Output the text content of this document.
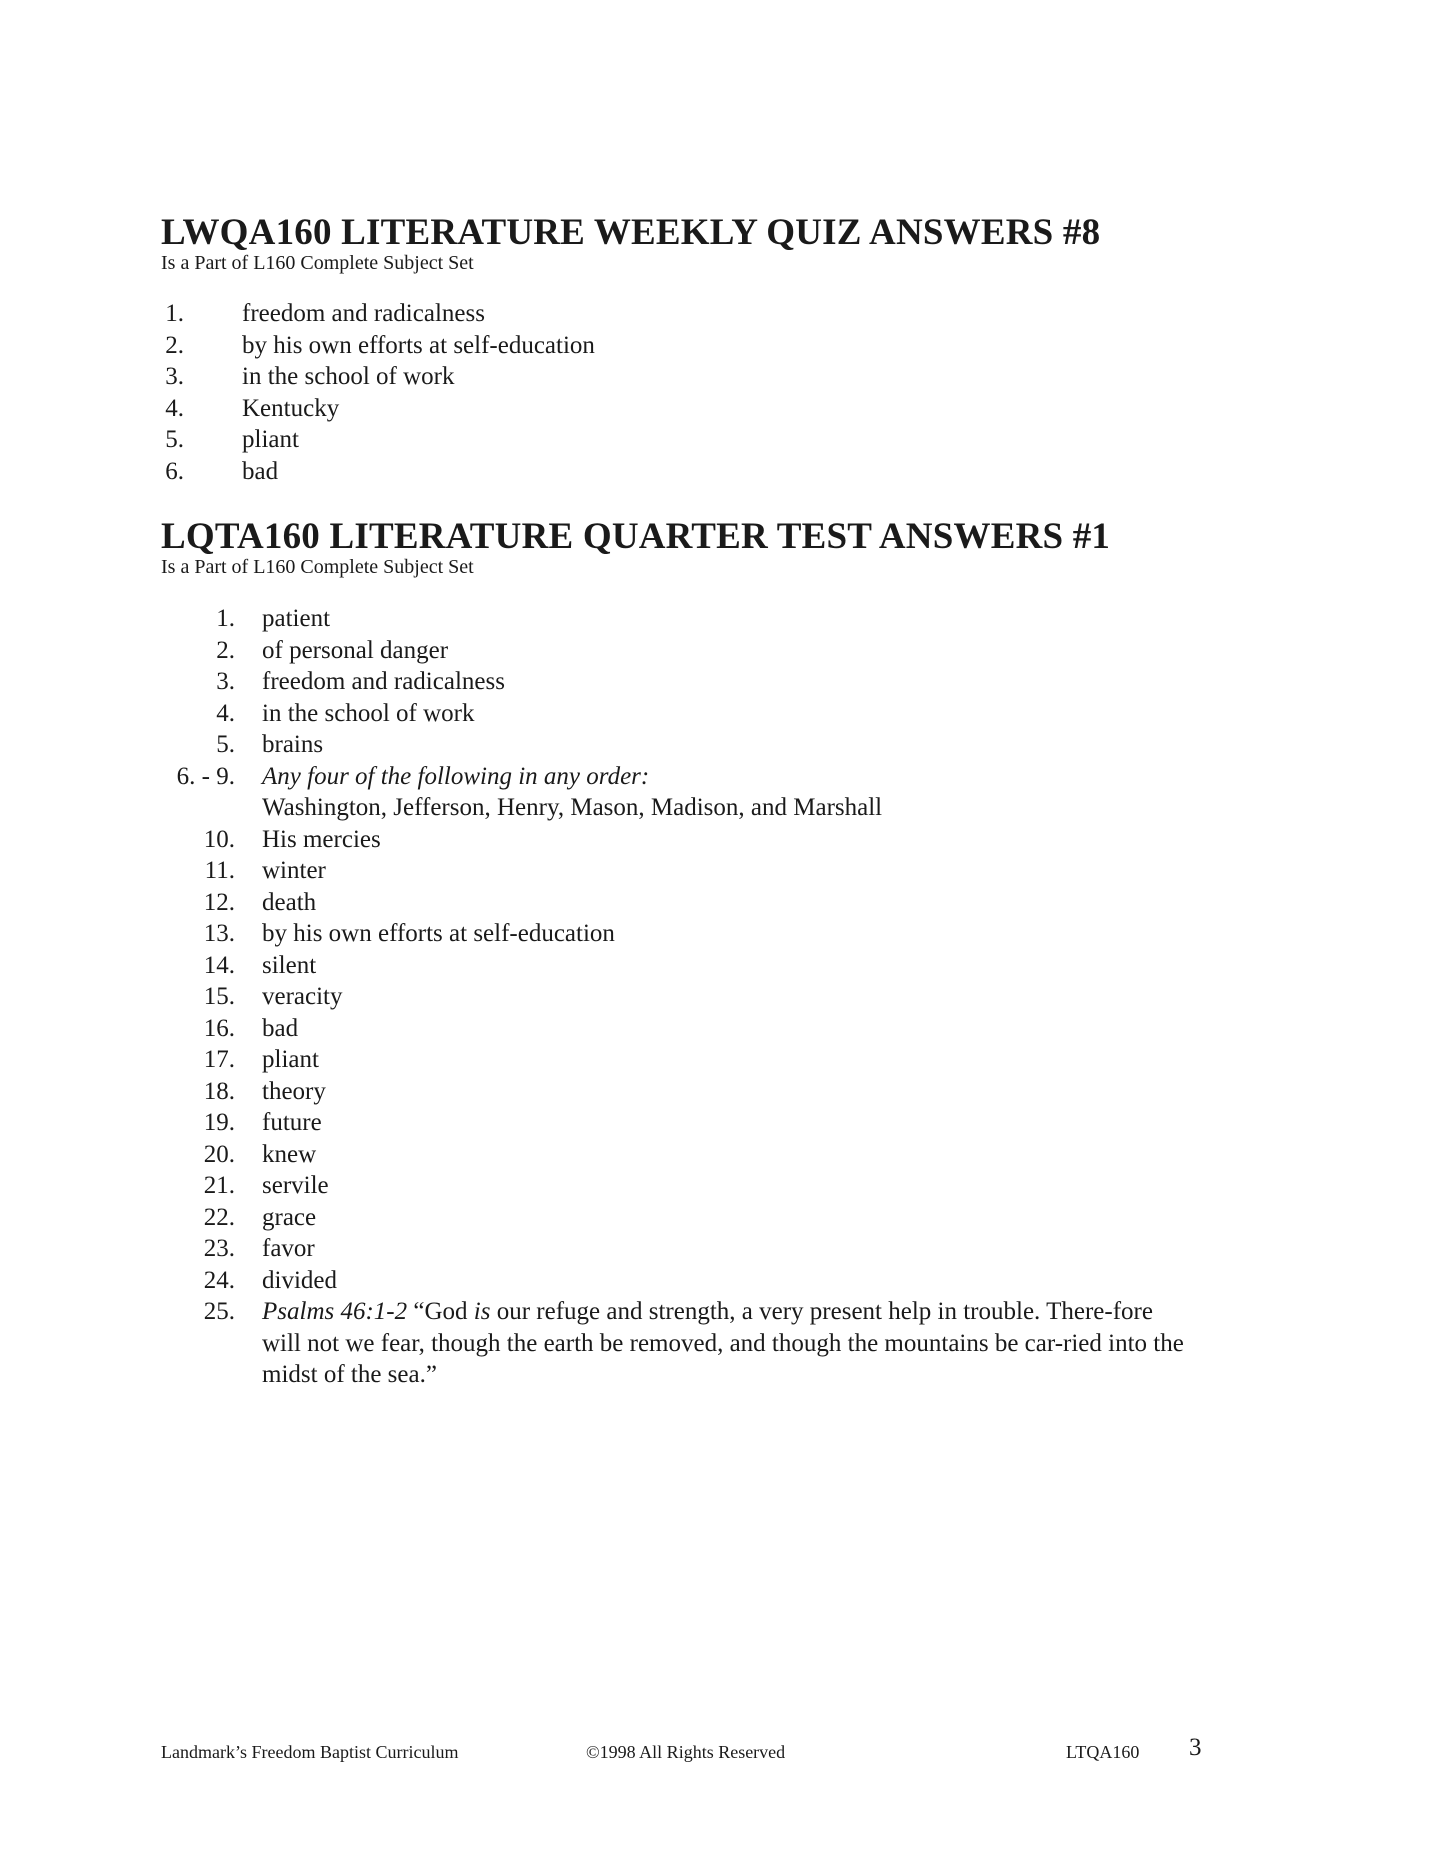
LWQA160 LITERATURE WEEKLY QUIZ ANSWERS #8

Is a Part of L160 Complete Subject Set

1. freedom and radicalness
2. by his own efforts at self-education
3. in the school of work
4. Kentucky
5. pliant
6. bad
LQTA160 LITERATURE QUARTER TEST ANSWERS #1

Is a Part of L160 Complete Subject Set

1. patient
2. of personal danger
3. freedom and radicalness
4. in the school of work
5. brains
6. - 9. Any four of the following in any order:
Washington, Jefferson, Henry, Mason, Madison, and Marshall
10. His mercies
11. winter
12. death
13. by his own efforts at self-education
14. silent
15. veracity
16. bad
17. pliant
18. theory
19. future
20. knew
21. servile
22. grace
23. favor
24. divided
25. Psalms 46:1-2 “God is our refuge and strength, a very present help in trouble. There-fore will not we fear, though the earth be removed, and though the mountains be car-ried into the midst of the sea.”
Landmark’s Freedom Baptist Curriculum	©1998 All Rights Reserved	LTQA160 3
